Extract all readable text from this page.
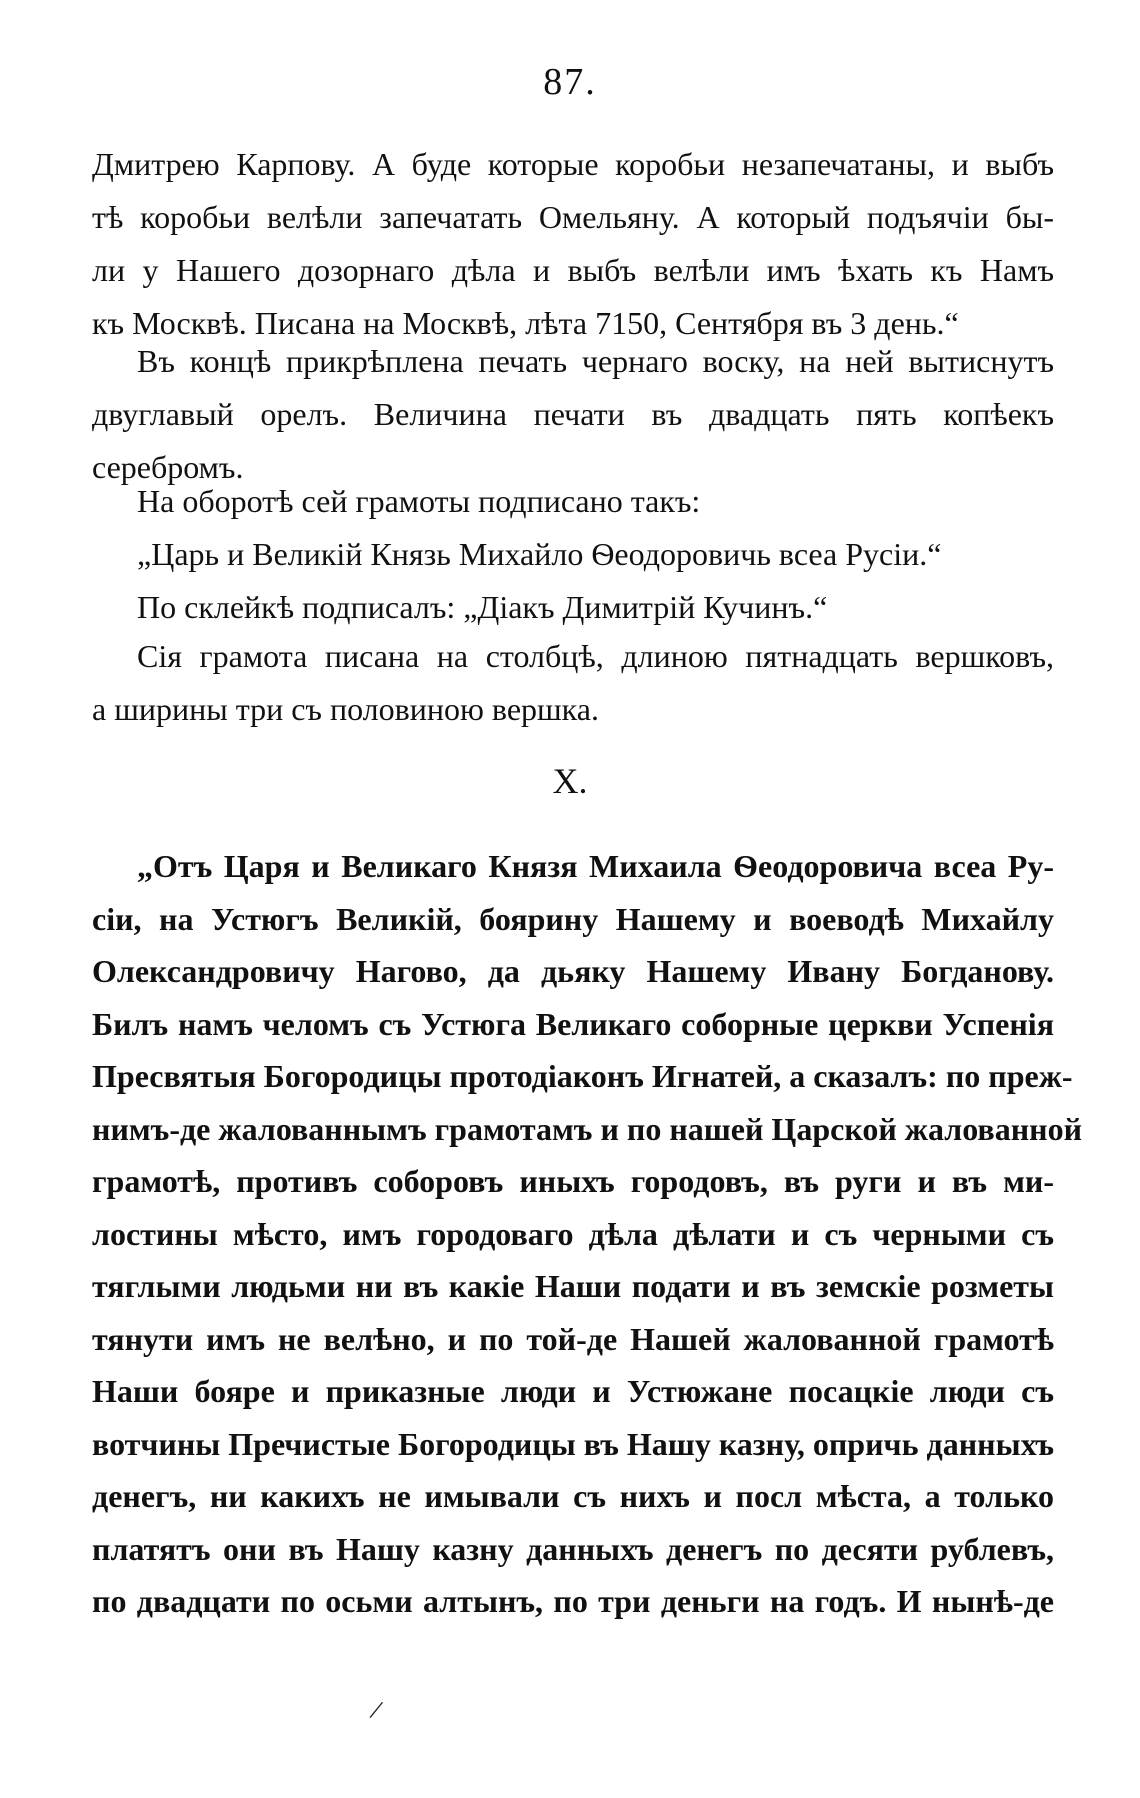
87.
Дмитрею Карпову. А буде которые коробьи незапечатаны, и выбъ
тѣ коробьи велѣли запечатать Омельяну. А который подъячіи бы-
ли у Нашего дозорнаго дѣла и выбъ велѣли имъ ѣхать къ Намъ
къ Москвѣ. Писана на Москвѣ, лѣта 7150, Сентября въ 3 день.“
Въ концѣ прикрѣплена печать чернаго воску, на ней вытиснутъ
двуглавый орелъ. Величина печати въ двадцать пять копѣекъ
серебромъ.
На оборотѣ сей грамоты подписано такъ:
„Царь и Великій Князь Михайло Ѳеодоровичь всеа Русіи.“
По склейкѣ подписалъ: „Діакъ Димитрій Кучинъ.“
Сія грамота писана на столбцѣ, длиною пятнадцать вершковъ,
а ширины три съ половиною вершка.
X.
„Отъ Царя и Великаго Князя Михаила Ѳеодоровича всеа Ру-
сіи, на Устюгъ Великій, боярину Нашему и воеводѣ Михайлу
Олександровичу Нагово, да дьяку Нашему Ивану Богданову.
Билъ намъ челомъ съ Устюга Великаго соборные церкви Успенія
Пресвятыя Богородицы протодіаконъ Игнатей, а сказалъ: по преж-
нимъ-де жалованнымъ грамотамъ и по нашей Царской жалованной
грамотѣ, противъ соборовъ иныхъ городовъ, въ руги и въ ми-
лостины мѣсто, имъ городоваго дѣла дѣлати и съ черными съ
тяглыми людьми ни въ какіе Наши подати и въ земскіе розметы
тянути имъ не велѣно, и по той-де Нашей жалованной грамотѣ
Наши бояре и приказные люди и Устюжане посацкіе люди съ
вотчины Пречистые Богородицы въ Нашу казну, опричь данныхъ
денегъ, ни какихъ не имывали съ нихъ и посл мѣста, а только
платятъ они въ Нашу казну данныхъ денегъ по десяти рублевъ,
по двадцати по осьми алтынъ, по три деньги на годъ. И нынѣ-де
/
